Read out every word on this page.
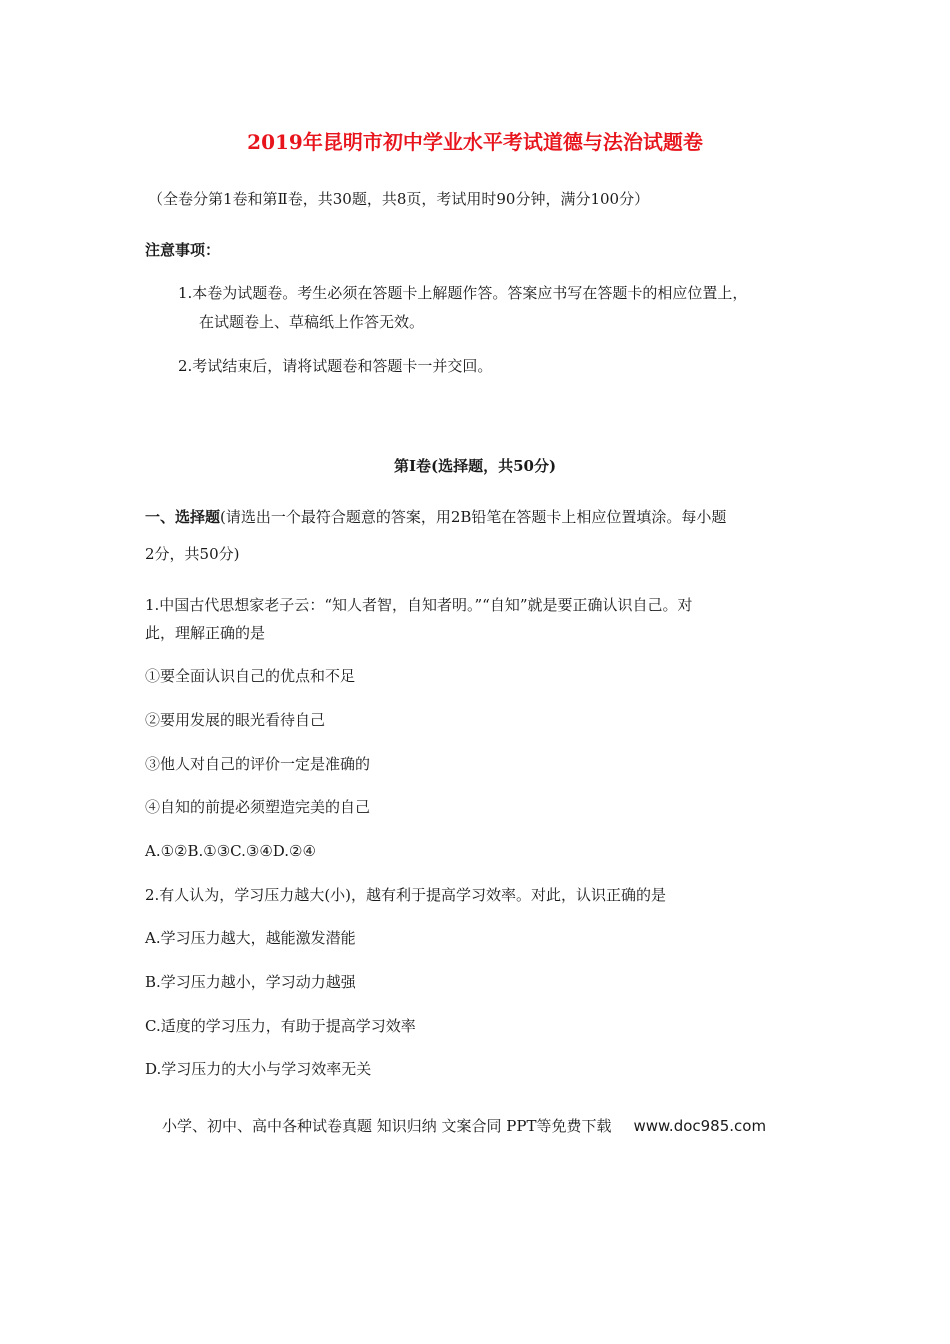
2019年昆明市初中学业水平考试道德与法治试题卷
（全卷分第1卷和第Ⅱ卷，共30题，共8页，考试用时90分钟，满分100分）
注意事项：
1.本卷为试题卷。考生必须在答题卡上解题作答。答案应书写在答题卡的相应位置上，
在试题卷上、草稿纸上作答无效。
2.考试结束后，请将试题卷和答题卡一并交回。
第Ⅰ卷(选择题，共50分)
一、选择题(请选出一个最符合题意的答案，用2B铅笔在答题卡上相应位置填涂。每小题
2分，共50分)
1.中国古代思想家老子云：“知人者智，自知者明。”“自知”就是要正确认识自己。对
此，理解正确的是
①要全面认识自己的优点和不足
②要用发展的眼光看待自己
③他人对自己的评价一定是准确的
④自知的前提必须塑造完美的自己
A.①②B.①③C.③④D.②④
2.有人认为，学习压力越大(小)，越有利于提高学习效率。对此，认识正确的是
A.学习压力越大，越能激发潜能
B.学习压力越小，学习动力越强
C.适度的学习压力，有助于提高学习效率
D.学习压力的大小与学习效率无关
小学、初中、高中各种试卷真题 知识归纳 文案合同 PPT等免费下载 www.doc985.com
